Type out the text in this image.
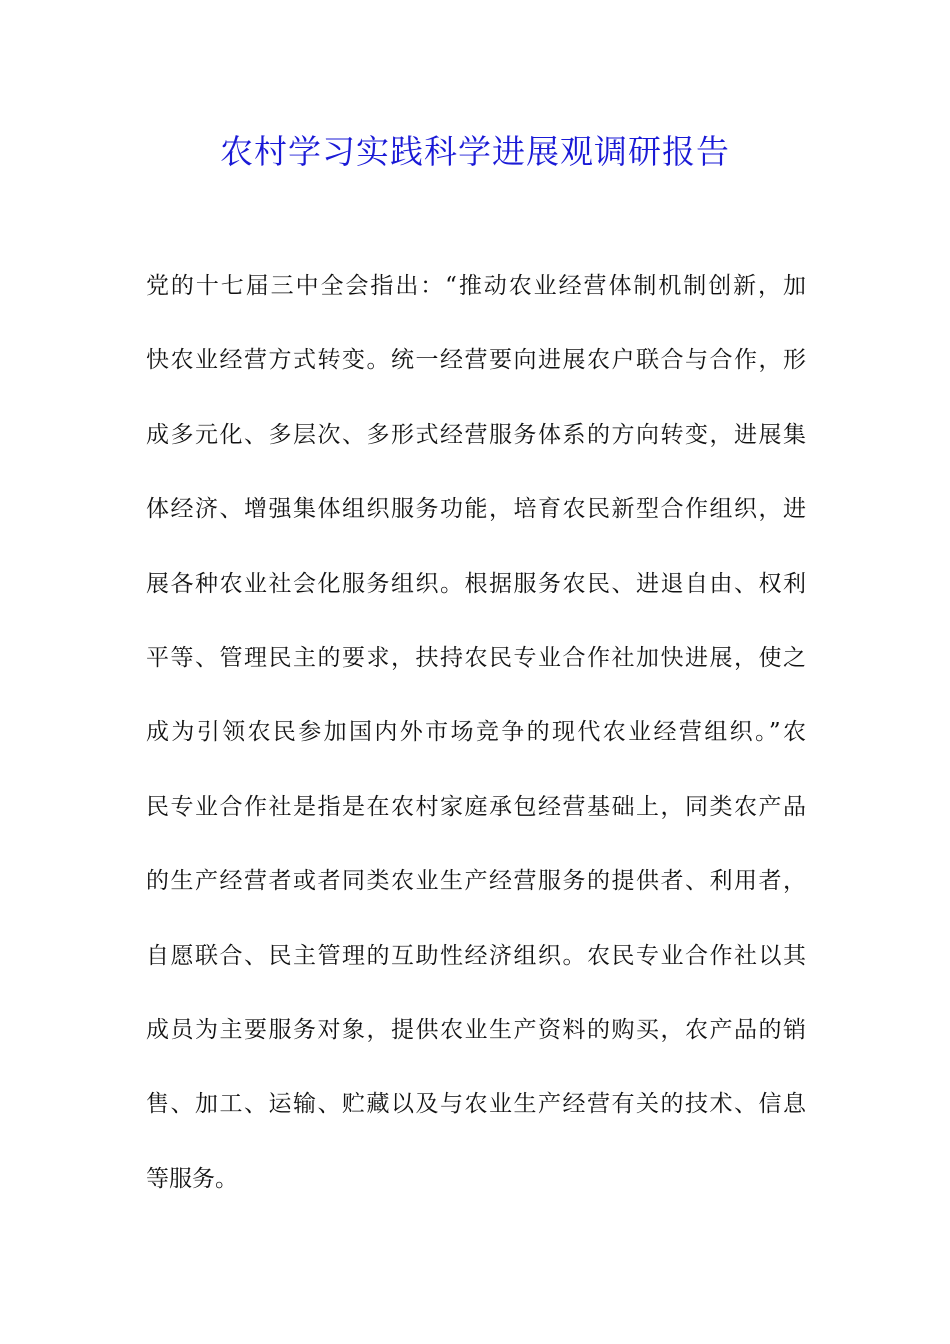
农村学习实践科学进展观调研报告
党的十七届三中全会指出：“推动农业经营体制机制创新，加
快农业经营方式转变。统一经营要向进展农户联合与合作，形
成多元化、多层次、多形式经营服务体系的方向转变，进展集
体经济、增强集体组织服务功能，培育农民新型合作组织，进
展各种农业社会化服务组织。根据服务农民、进退自由、权利
平等、管理民主的要求，扶持农民专业合作社加快进展，使之
成为引领农民参加国内外市场竞争的现代农业经营组织。”农
民专业合作社是指是在农村家庭承包经营基础上，同类农产品
的生产经营者或者同类农业生产经营服务的提供者、利用者，
自愿联合、民主管理的互助性经济组织。农民专业合作社以其
成员为主要服务对象，提供农业生产资料的购买，农产品的销
售、加工、运输、贮藏以及与农业生产经营有关的技术、信息
等服务。
